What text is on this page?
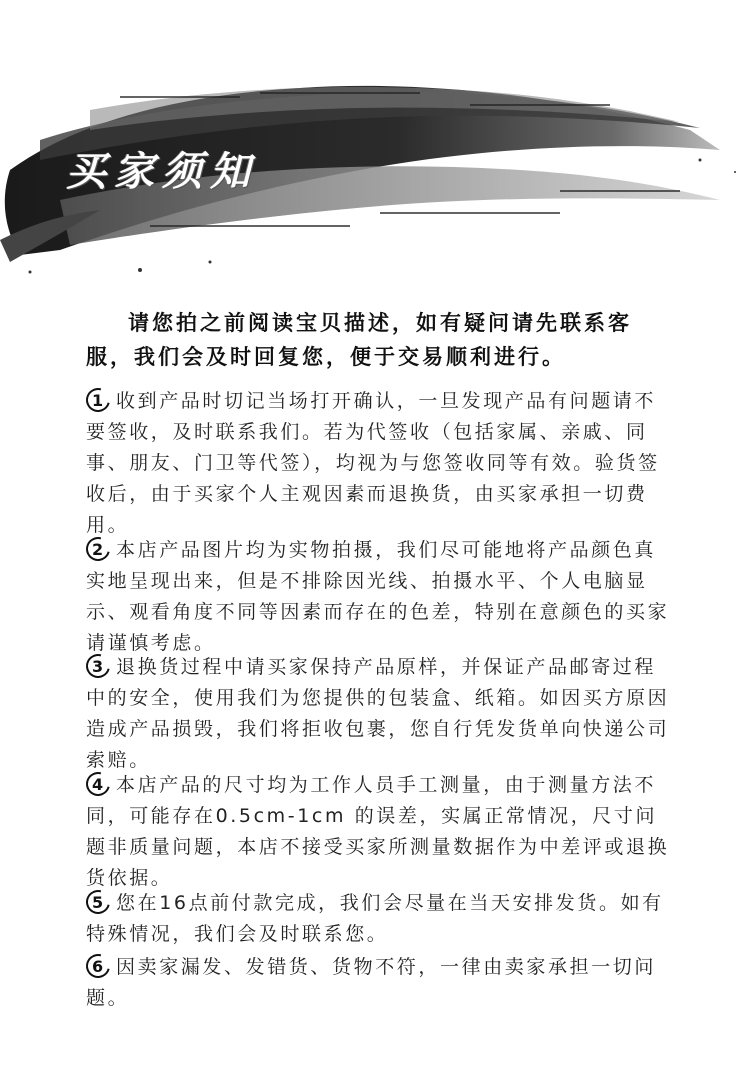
买家须知
请您拍之前阅读宝贝描述，如有疑问请先联系客服，我们会及时回复您，便于交易顺利进行。
1 收到产品时切记当场打开确认，一旦发现产品有问题请不要签收，及时联系我们。若为代签收（包括家属、亲戚、同事、朋友、门卫等代签），均视为与您签收同等有效。验货签收后，由于买家个人主观因素而退换货，由买家承担一切费用。
2 本店产品图片均为实物拍摄，我们尽可能地将产品颜色真实地呈现出来，但是不排除因光线、拍摄水平、个人电脑显示、观看角度不同等因素而存在的色差，特别在意颜色的买家请谨慎考虑。
3 退换货过程中请买家保持产品原样，并保证产品邮寄过程中的安全，使用我们为您提供的包装盒、纸箱。如因买方原因造成产品损毁，我们将拒收包裹，您自行凭发货单向快递公司索赔。
4 本店产品的尺寸均为工作人员手工测量，由于测量方法不同，可能存在0.5cm-1cm 的误差，实属正常情况，尺寸问题非质量问题，本店不接受买家所测量数据作为中差评或退换货依据。
5 您在16点前付款完成，我们会尽量在当天安排发货。如有特殊情况，我们会及时联系您。
6 因卖家漏发、发错货、货物不符，一律由卖家承担一切问题。
